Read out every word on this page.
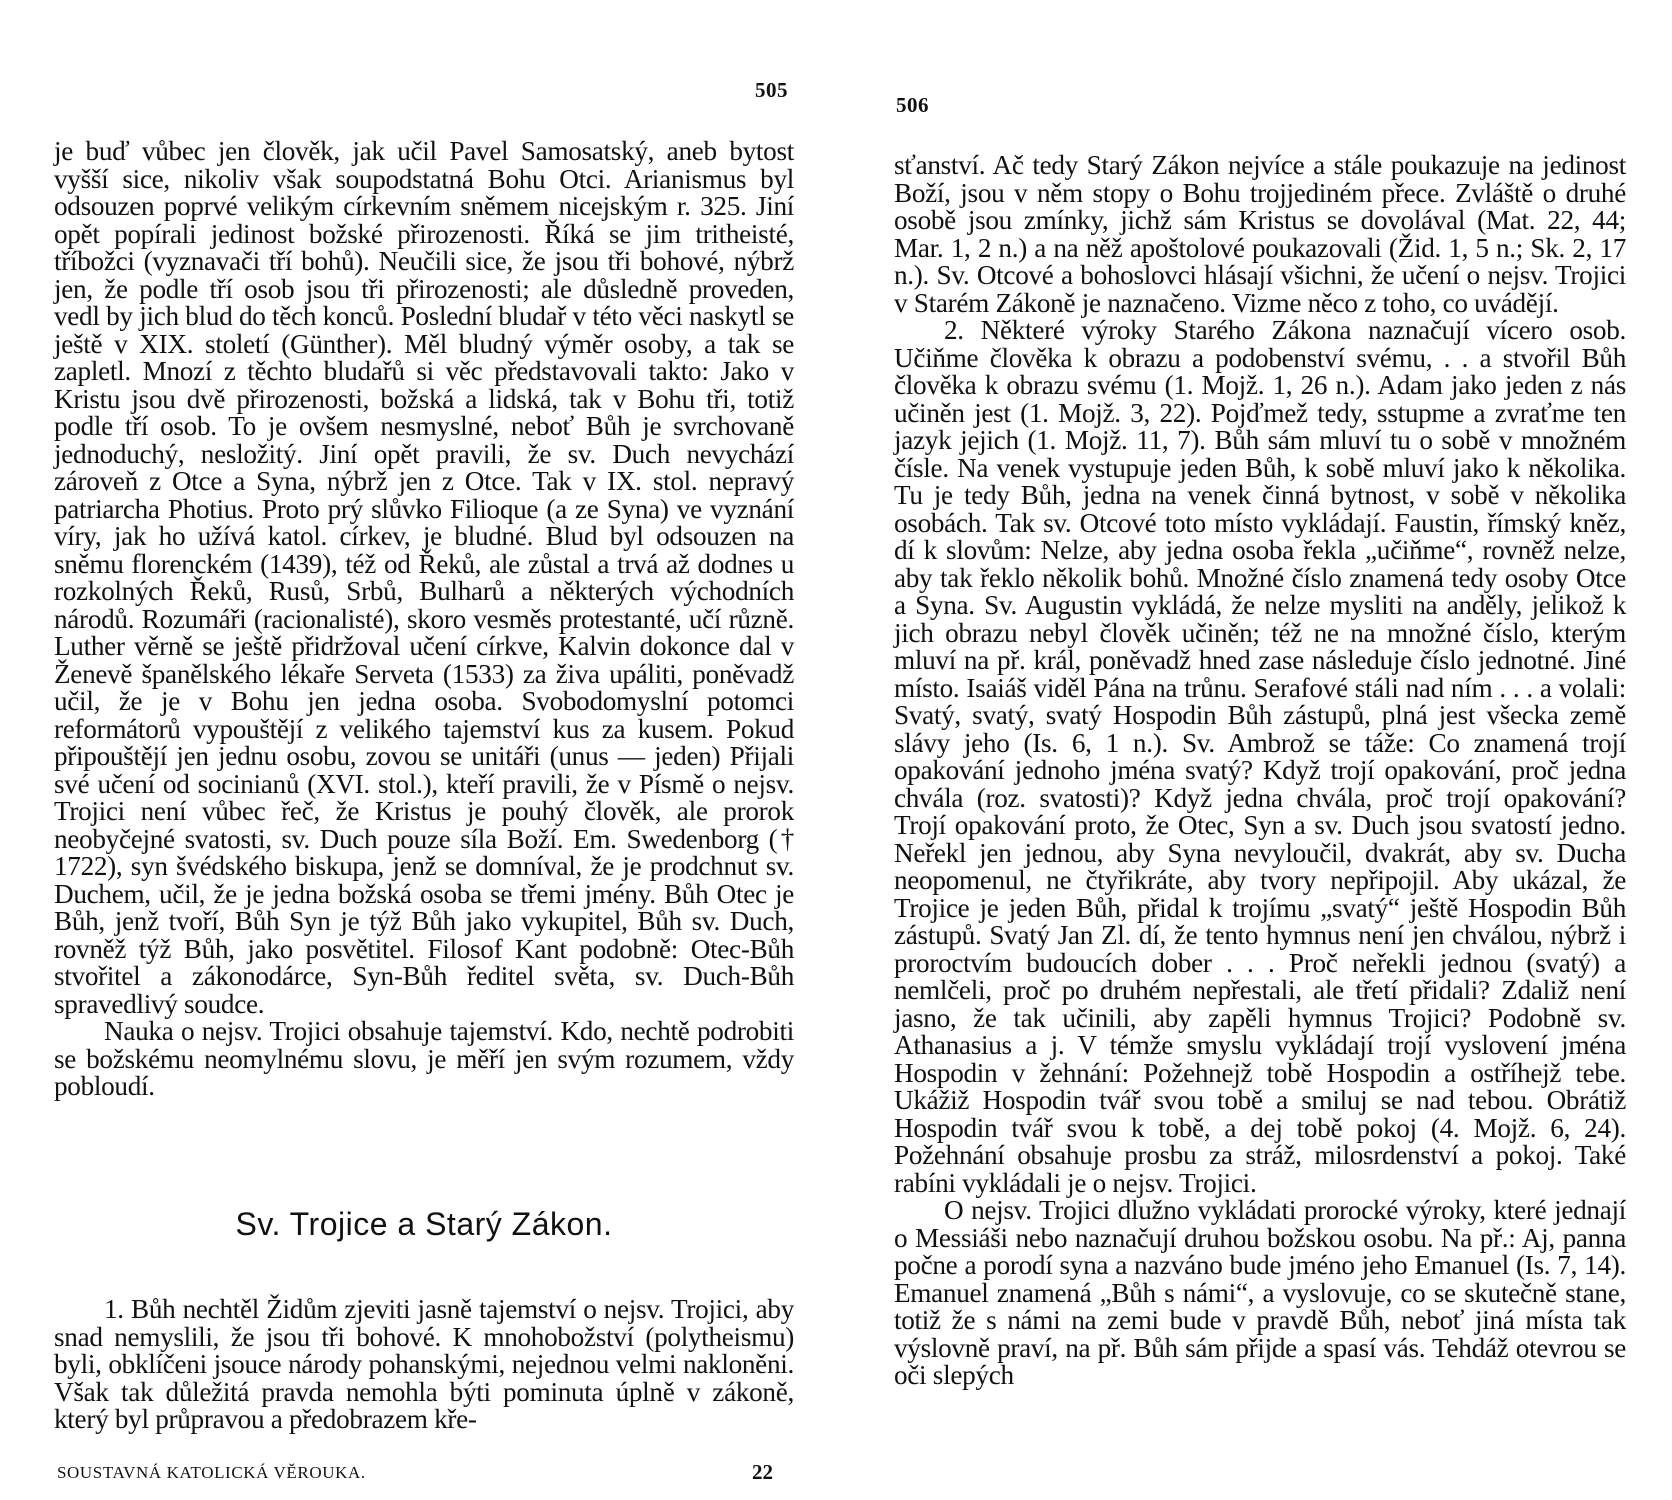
505

je buď vůbec jen člověk, jak učil Pavel Samosatský, aneb bytost vyšší sice, nikoliv však soupodstatná Bohu Otci. Arianismus byl odsouzen poprvé velikým církevním sněmem nicejským r. 325. Jiní opět popírali jedinost božské přirozenosti. Říká se jim tritheisté, tříbožci (vyznavači tří bohů). Neučili sice, že jsou tři bohové, nýbrž jen, že podle tří osob jsou tři přirozenosti; ale důsledně proveden, vedl by jich blud do těch konců. Poslední bludař v této věci naskytl se ještě v XIX. století (Günther). Měl bludný výměr osoby, a tak se zapletl. Mnozí z těchto bludařů si věc představovali takto: Jako v Kristu jsou dvě přirozenosti, božská a lidská, tak v Bohu tři, totiž podle tří osob. To je ovšem nesmyslné, neboť Bůh je svrchovaně jednoduchý, nesložitý. Jiní opět pravili, že sv. Duch nevychází zároveň z Otce a Syna, nýbrž jen z Otce. Tak v IX. stol. nepravý patriarcha Photius. Proto prý slůvko Filioque (a ze Syna) ve vyznání víry, jak ho užívá katol. církev, je bludné. Blud byl odsouzen na sněmu florenckém (1439), též od Řeků, ale zůstal a trvá až dodnes u rozkolných Řeků, Rusů, Srbů, Bulharů a některých východních národů. Rozumáři (racionalisté), skoro vesměs protestanté, učí různě. Luther věrně se ještě přidržoval učení církve, Kalvin dokonce dal v Ženevě španělského lékaře Serveta (1533) za živa upáliti, poněvadž učil, že je v Bohu jen jedna osoba. Svobodomyslní potomci reformátorů vypouštějí z velikého tajemství kus za kusem. Pokud připouštějí jen jednu osobu, zovou se unitáři (unus — jeden) Přijali své učení od socinianů (XVI. stol.), kteří pravili, že v Písmě o nejsv. Trojici není vůbec řeč, že Kristus je pouhý člověk, ale prorok neobyčejné svatosti, sv. Duch pouze síla Boží. Em. Swedenborg († 1722), syn švédského biskupa, jenž se domníval, že je prodchnut sv. Duchem, učil, že je jedna božská osoba se třemi jmény. Bůh Otec je Bůh, jenž tvoří, Bůh Syn je týž Bůh jako vykupitel, Bůh sv. Duch, rovněž týž Bůh, jako posvětitel. Filosof Kant podobně: Otec-Bůh stvořitel a zákonodárce, Syn-Bůh ředitel světa, sv. Duch-Bůh spravedlivý soudce.

Nauka o nejsv. Trojici obsahuje tajemství. Kdo, nechtě podrobiti se božskému neomylnému slovu, je měří jen svým rozumem, vždy pobloudí.

Sv. Trojice a Starý Zákon.

1. Bůh nechtěl Židům zjeviti jasně tajemství o nejsv. Trojici, aby snad nemyslili, že jsou tři bohové. K mnohobožství (polytheismu) byli, obklíčeni jsouce národy pohanskými, nejednou velmi nakloněni. Však tak důležitá pravda nemohla býti pominuta úplně v zákoně, který byl průpravou a předobrazem kře-

SOUSTAVNÁ KATOLICKÁ VĚROUKA.	22
506

sťanství. Ač tedy Starý Zákon nejvíce a stále poukazuje na jedinost Boží, jsou v něm stopy o Bohu trojjediném přece. Zvláště o druhé osobě jsou zmínky, jichž sám Kristus se dovolával (Mat. 22, 44; Mar. 1, 2 n.) a na něž apoštolové poukazovali (Žid. 1, 5 n.; Sk. 2, 17 n.). Sv. Otcové a bohoslovci hlásají všichni, že učení o nejsv. Trojici v Starém Zákoně je naznačeno. Vizme něco z toho, co uvádějí.

2. Některé výroky Starého Zákona naznačují vícero osob. Učiňme člověka k obrazu a podobenství svému, . . a stvořil Bůh člověka k obrazu svému (1. Mojž. 1, 26 n.). Adam jako jeden z nás učiněn jest (1. Mojž. 3, 22). Pojďmež tedy, sstupme a zvraťme ten jazyk jejich (1. Mojž. 11, 7). Bůh sám mluví tu o sobě v množném čísle. Na venek vystupuje jeden Bůh, k sobě mluví jako k několika. Tu je tedy Bůh, jedna na venek činná bytnost, v sobě v několika osobách. Tak sv. Otcové toto místo vykládají. Faustin, římský kněz, dí k slovům: Nelze, aby jedna osoba řekla „učiňme“, rovněž nelze, aby tak řeklo několik bohů. Množné číslo znamená tedy osoby Otce a Syna. Sv. Augustin vykládá, že nelze mysliti na anděly, jelikož k jich obrazu nebyl člověk učiněn; též ne na množné číslo, kterým mluví na př. král, poněvadž hned zase následuje číslo jednotné. Jiné místo. Isaiáš viděl Pána na trůnu. Serafové stáli nad ním . . . a volali: Svatý, svatý, svatý Hospodin Bůh zástupů, plná jest všecka země slávy jeho (Is. 6, 1 n.). Sv. Ambrož se táže: Co znamená trojí opakování jednoho jména svatý? Když trojí opakování, proč jedna chvála (roz. svatosti)? Když jedna chvála, proč trojí opakování? Trojí opakování proto, že Otec, Syn a sv. Duch jsou svatostí jedno. Neřekl jen jednou, aby Syna nevyloučil, dvakrát, aby sv. Ducha neopomenul, ne čtyřikráte, aby tvory nepřipojil. Aby ukázal, že Trojice je jeden Bůh, přidal k trojímu „svatý“ ještě Hospodin Bůh zástupů. Svatý Jan Zl. dí, že tento hymnus není jen chválou, nýbrž i proroctvím budoucích dober . . . Proč neřekli jednou (svatý) a nemlčeli, proč po druhém nepřestali, ale třetí přidali? Zdaliž není jasno, že tak učinili, aby zapěli hymnus Trojici? Podobně sv. Athanasius a j. V témže smyslu vykládají trojí vyslovení jména Hospodin v žehnání: Požehnejž tobě Hospodin a ostříhejž tebe. Ukážiž Hospodin tvář svou tobě a smiluj se nad tebou. Obrátiž Hospodin tvář svou k tobě, a dej tobě pokoj (4. Mojž. 6, 24). Požehnání obsahuje prosbu za stráž, milosrdenství a pokoj. Také rabíni vykládali je o nejsv. Trojici.

O nejsv. Trojici dlužno vykládati prorocké výroky, které jednají o Messiáši nebo naznačují druhou božskou osobu. Na př.: Aj, panna počne a porodí syna a nazváno bude jméno jeho Emanuel (Is. 7, 14). Emanuel znamená „Bůh s námi“, a vyslovuje, co se skutečně stane, totiž že s námi na zemi bude v pravdě Bůh, neboť jiná místa tak výslovně praví, na př. Bůh sám přijde a spasí vás. Tehdáž otevrou se oči slepých
